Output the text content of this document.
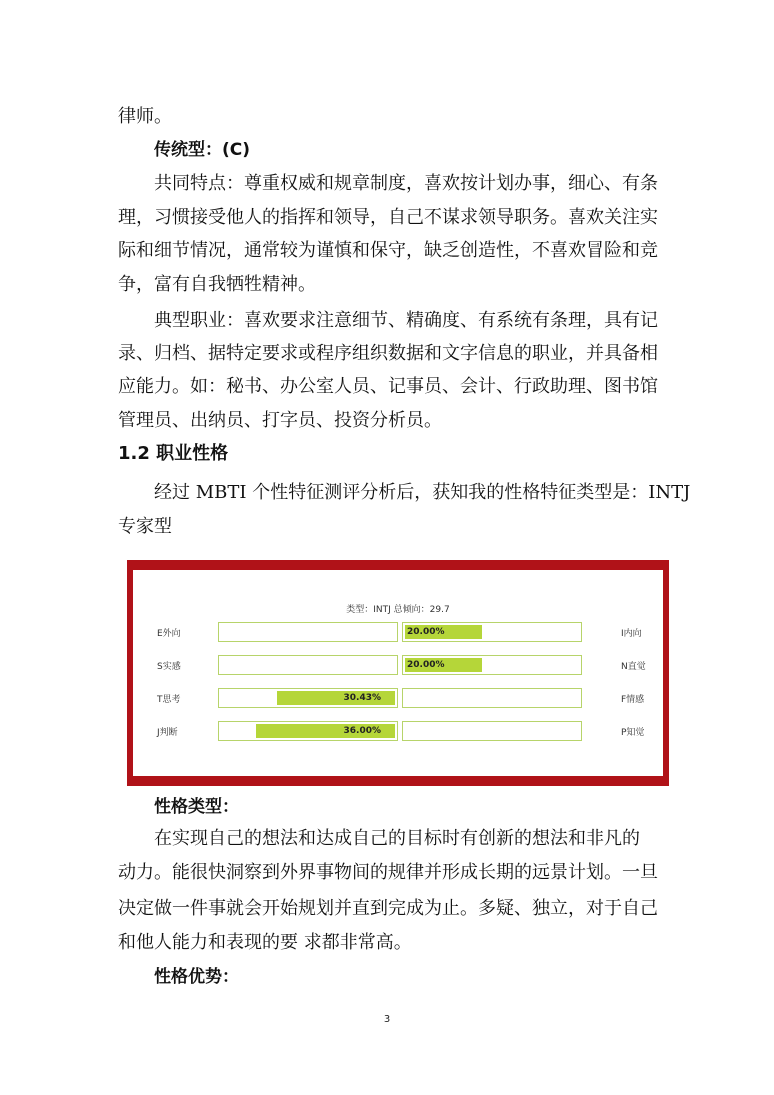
律师。
传统型：(C)
共同特点：尊重权威和规章制度，喜欢按计划办事，细心、有条
理，习惯接受他人的指挥和领导，自己不谋求领导职务。喜欢关注实
际和细节情况，通常较为谨慎和保守，缺乏创造性，不喜欢冒险和竞
争，富有自我牺牲精神。
典型职业：喜欢要求注意细节、精确度、有系统有条理，具有记
录、归档、据特定要求或程序组织数据和文字信息的职业，并具备相
应能力。如：秘书、办公室人员、记事员、会计、行政助理、图书馆
管理员、出纳员、打字员、投资分析员。
1.2 职业性格
经过 MBTI 个性特征测评分析后，获知我的性格特征类型是：INTJ
专家型
类型：INTJ 总倾向：29.7
E外向	I内向
20.00%
S实感	N直觉
20.00%
T思考	F情感
30.43%
J判断	P知觉
36.00%
性格类型：
在实现自己的想法和达成自己的目标时有创新的想法和非凡的
动力。能很快洞察到外界事物间的规律并形成长期的远景计划。一旦
决定做一件事就会开始规划并直到完成为止。多疑、独立，对于自己
和他人能力和表现的要 求都非常高。
性格优势：
3
